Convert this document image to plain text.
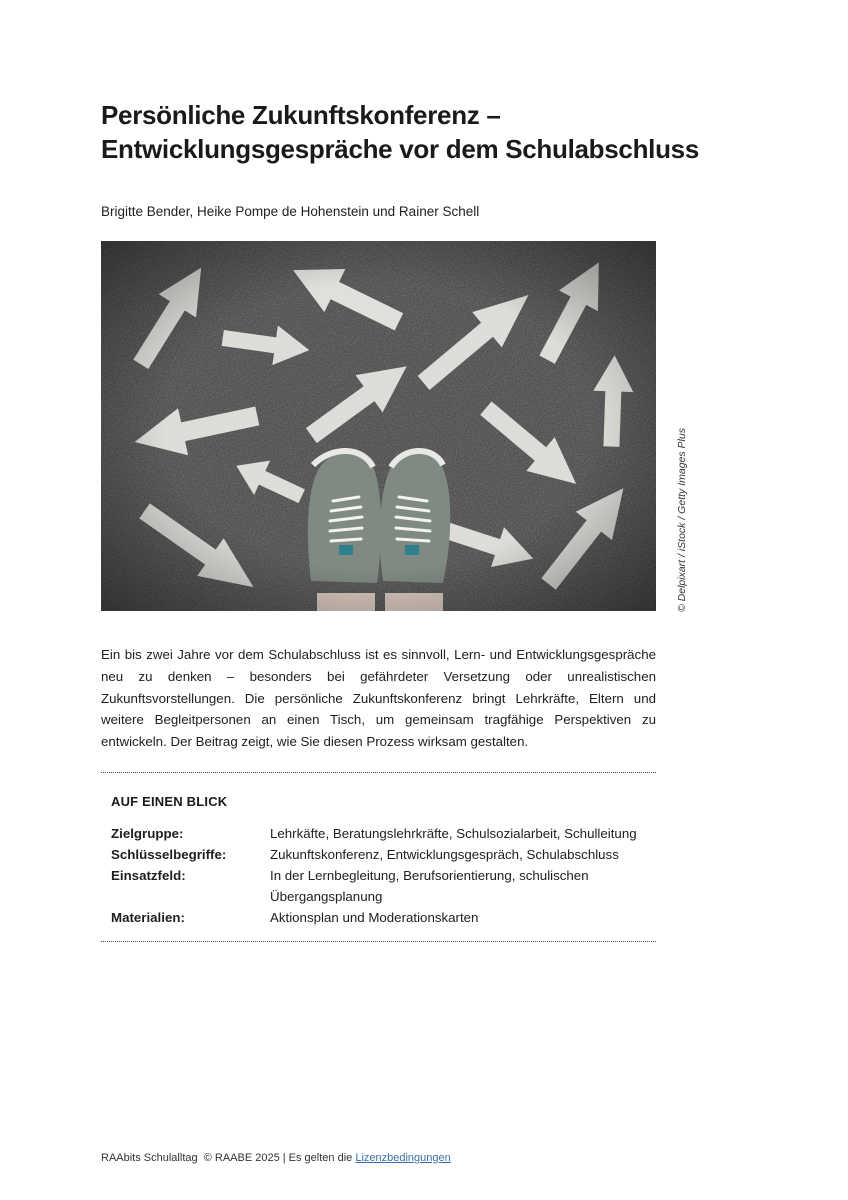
Persönliche Zukunftskonferenz –
Entwicklungsgespräche vor dem Schulabschluss
Brigitte Bender, Heike Pompe de Hohenstein und Rainer Schell
© Delpixart / iStock / Getty Images Plus

Ein bis zwei Jahre vor dem Schulabschluss ist es sinnvoll, Lern- und Entwicklungsgespräche neu zu denken – besonders bei gefährdeter Versetzung oder unrealistischen Zukunftsvorstellungen. Die persönliche Zukunftskonferenz bringt Lehrkräfte, Eltern und weitere Begleitpersonen an einen Tisch, um gemeinsam tragfähige Perspektiven zu entwickeln. Der Beitrag zeigt, wie Sie diesen Prozess wirksam gestalten.

AUF EINEN BLICK
Zielgruppe:	Lehrkäfte, Beratungslehrkräfte, Schulsozialarbeit, Schulleitung
Schlüsselbegriffe:	Zukunftskonferenz, Entwicklungsgespräch, Schulabschluss
Einsatzfeld:	In der Lernbegleitung, Berufsorientierung, schulischen Übergangsplanung
Materialien:	Aktionsplan und Moderationskarten
RAAbits Schulalltag  © RAABE 2025 | Es gelten die Lizenzbedingungen
